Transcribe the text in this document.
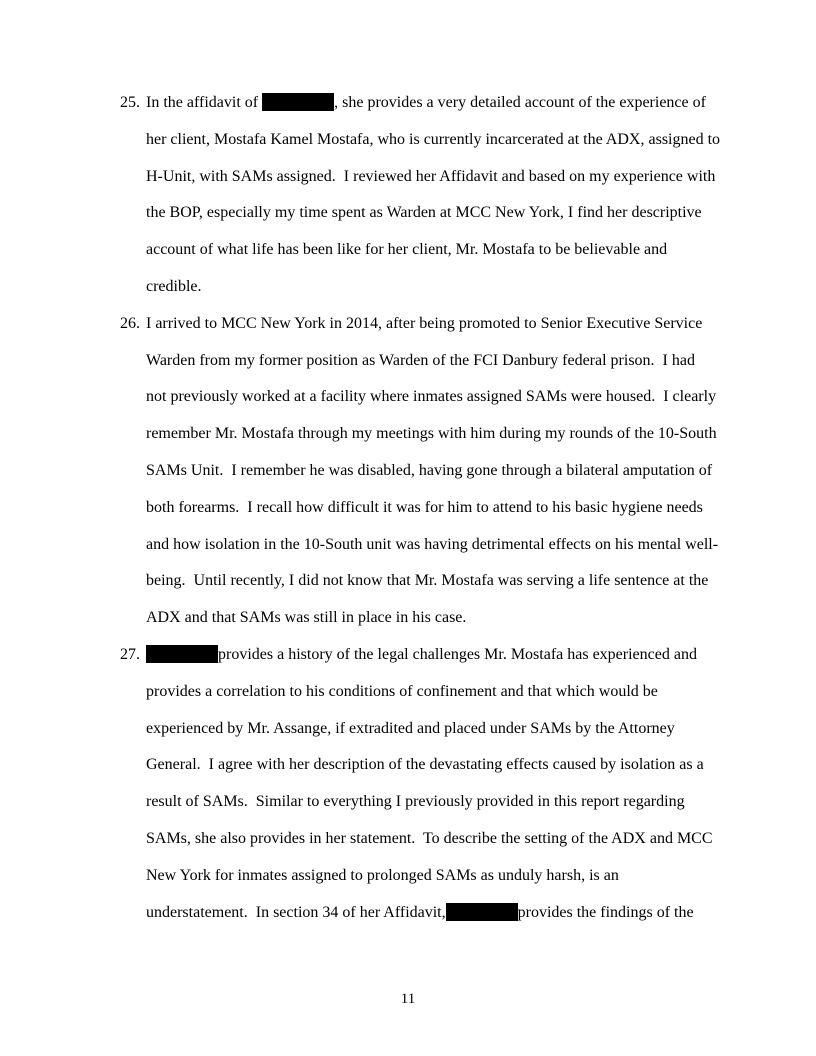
25. In the affidavit of	, she provides a very detailed account of the experience of
her client, Mostafa Kamel Mostafa, who is currently incarcerated at the ADX, assigned to
H-Unit, with SAMs assigned.  I reviewed her Affidavit and based on my experience with
the BOP, especially my time spent as Warden at MCC New York, I find her descriptive
account of what life has been like for her client, Mr. Mostafa to be believable and
credible.
26. I arrived to MCC New York in 2014, after being promoted to Senior Executive Service
Warden from my former position as Warden of the FCI Danbury federal prison.  I had
not previously worked at a facility where inmates assigned SAMs were housed.  I clearly
remember Mr. Mostafa through my meetings with him during my rounds of the 10-South
SAMs Unit.  I remember he was disabled, having gone through a bilateral amputation of
both forearms.  I recall how difficult it was for him to attend to his basic hygiene needs
and how isolation in the 10-South unit was having detrimental effects on his mental well-
being.  Until recently, I did not know that Mr. Mostafa was serving a life sentence at the
ADX and that SAMs was still in place in his case.
27.	provides a history of the legal challenges Mr. Mostafa has experienced and
provides a correlation to his conditions of confinement and that which would be
experienced by Mr. Assange, if extradited and placed under SAMs by the Attorney
General.  I agree with her description of the devastating effects caused by isolation as a
result of SAMs.  Similar to everything I previously provided in this report regarding
SAMs, she also provides in her statement.  To describe the setting of the ADX and MCC
New York for inmates assigned to prolonged SAMs as unduly harsh, is an
understatement.  In section 34 of her Affidavit,	provides the findings of the
11
